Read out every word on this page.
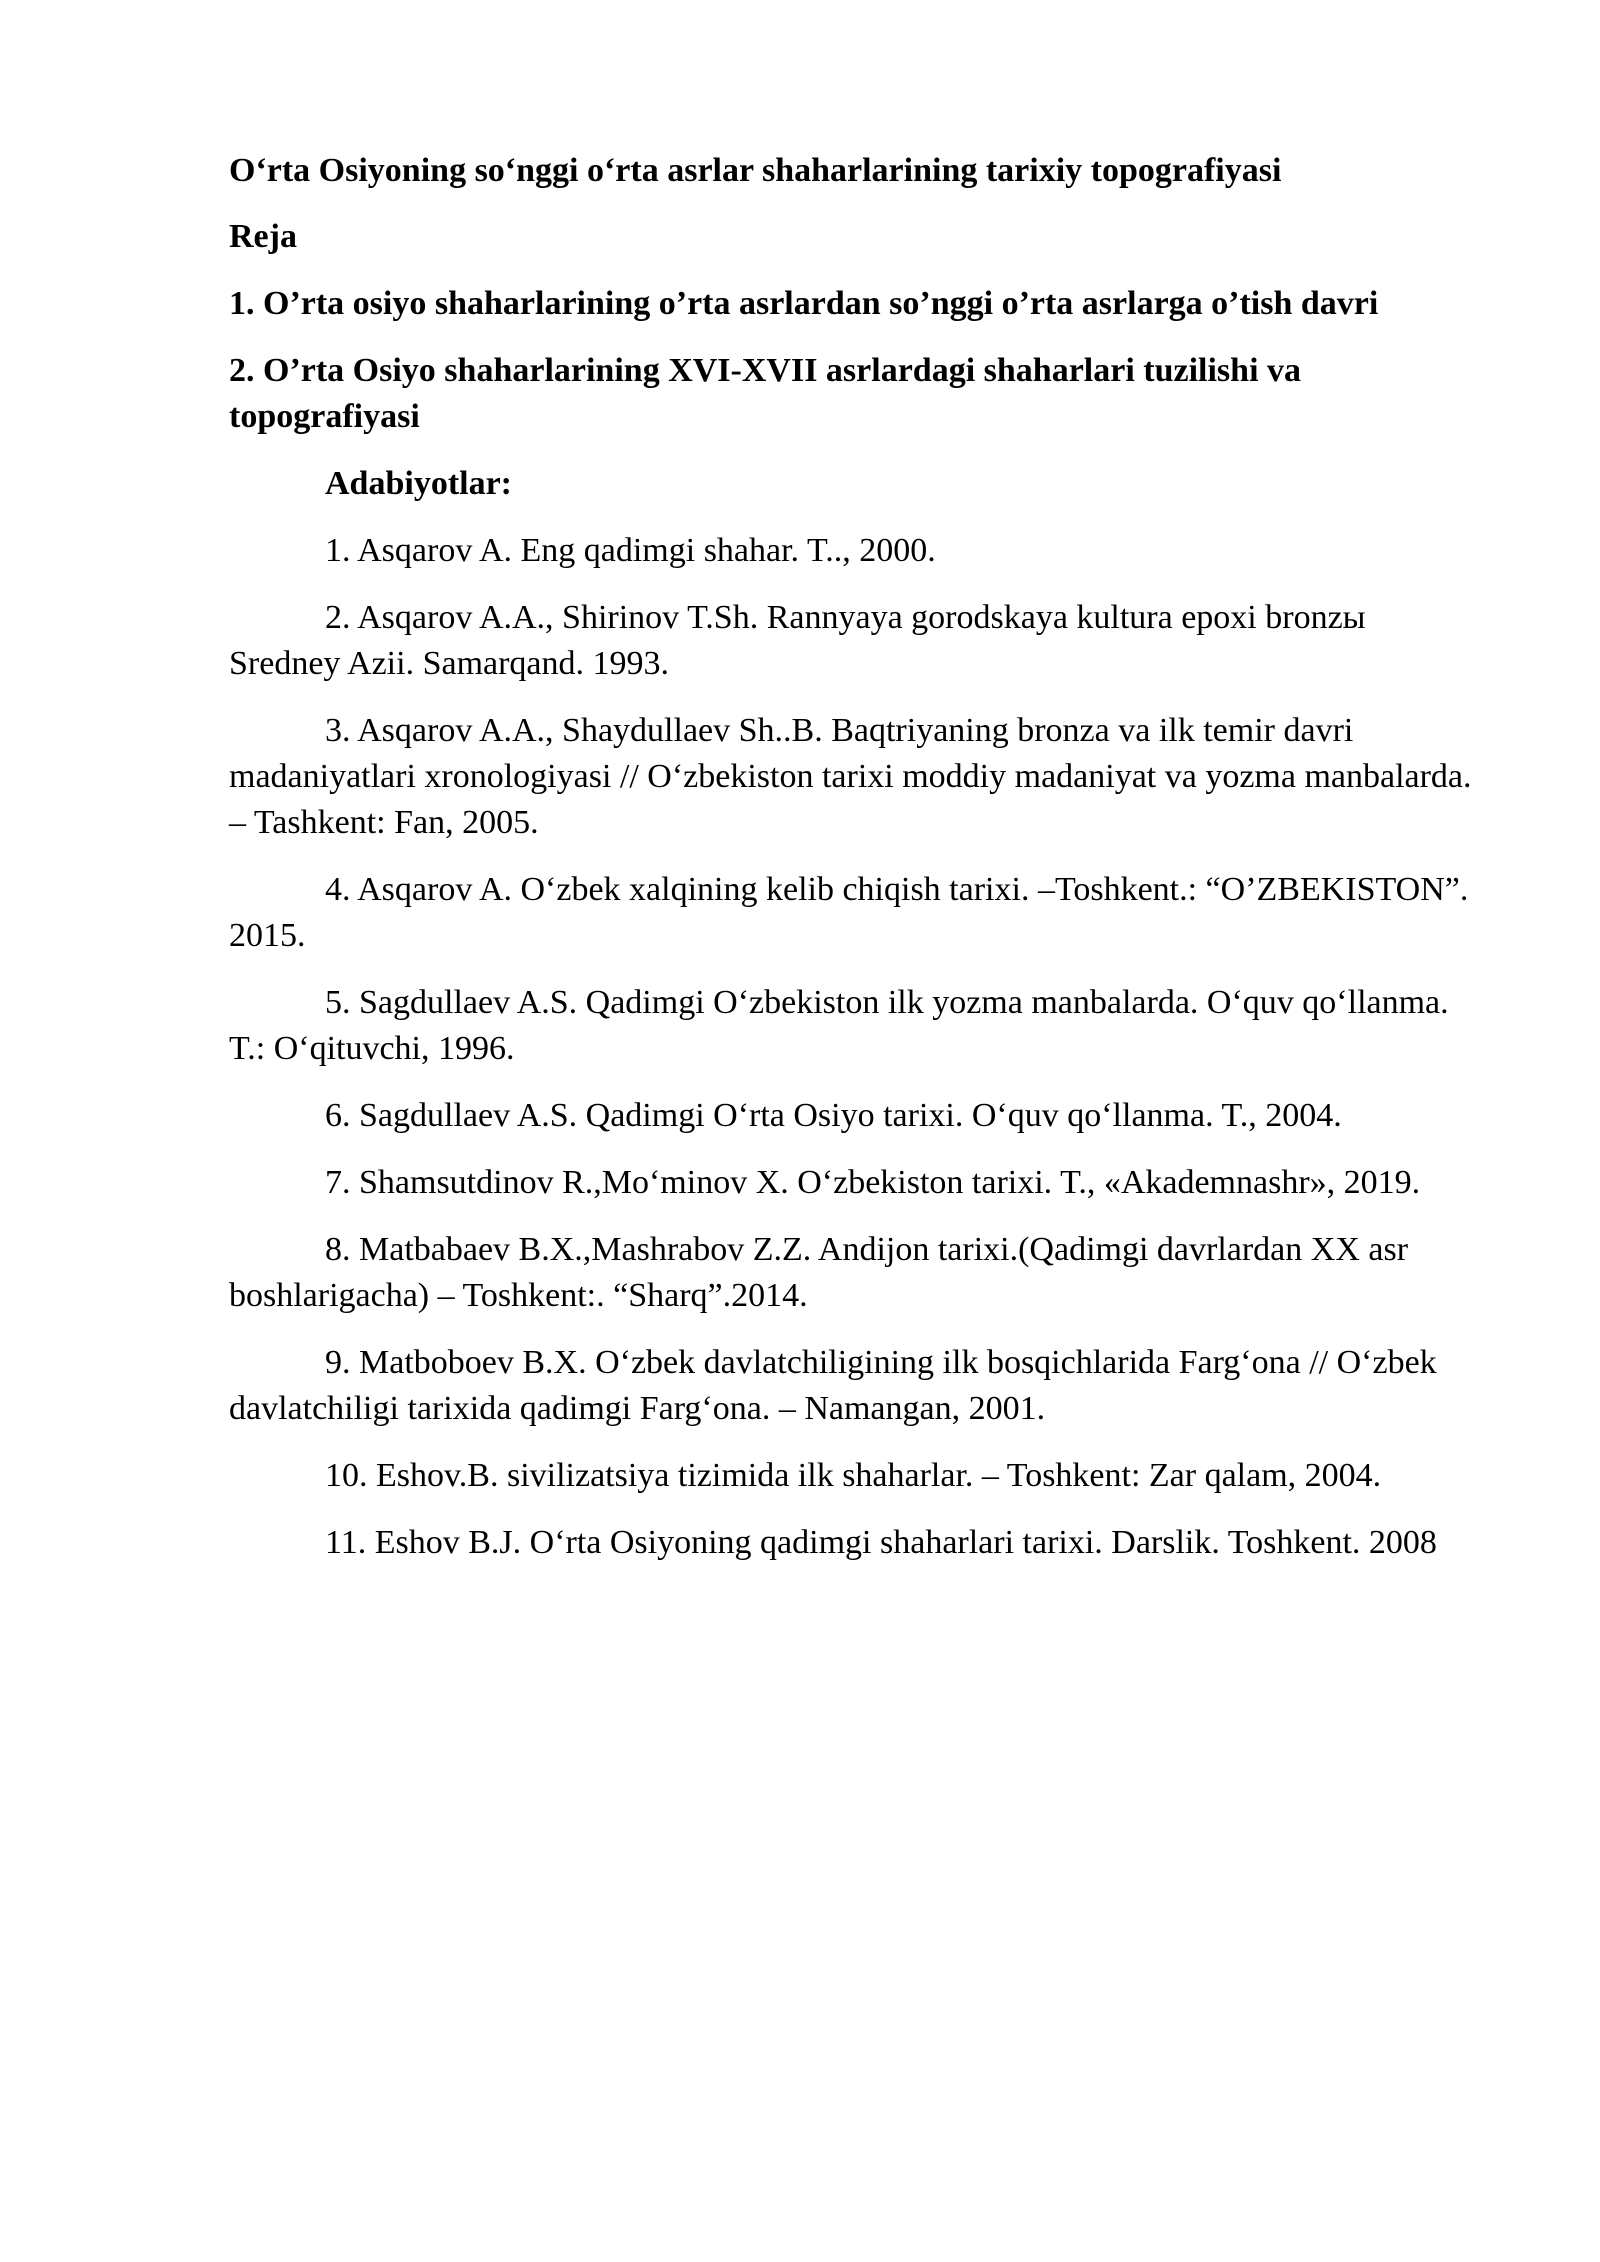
O‘rta Osiyoning so‘nggi o‘rta asrlar shaharlarining tarixiy topografiyasi

Reja

1. O’rta osiyo shaharlarining o’rta asrlardan so’nggi o’rta asrlarga o’tish davri

2. O’rta Osiyo shaharlarining XVI-XVII asrlardagi shaharlari tuzilishi va topografiyasi

Adabiyotlar:

1. Asqarov A. Eng qadimgi shahar. T.., 2000.

2. Asqarov A.A., Shirinov T.Sh. Rannyaya gorodskaya kultura epoxi bronzы Sredney Azii. Samarqand. 1993.

3. Asqarov A.A., Shaydullaev Sh..B. Baqtriyaning bronza va ilk temir davri madaniyatlari xronologiyasi // O‘zbekiston tarixi moddiy madaniyat va yozma manbalarda. – Tashkent: Fan, 2005.

4. Asqarov A. O‘zbek xalqining kelib chiqish tarixi. –Toshkent.: “O’ZBEKISTON”. 2015.

5. Sagdullaev A.S. Qadimgi O‘zbekiston ilk yozma manbalarda. O‘quv qo‘llanma. T.: O‘qituvchi, 1996.

6. Sagdullaev A.S. Qadimgi O‘rta Osiyo tarixi. O‘quv qo‘llanma. T., 2004.

7. Shamsutdinov R.,Mo‘minov X. O‘zbekiston tarixi. T., «Akademnashr», 2019.

8. Matbabaev B.X.,Mashrabov Z.Z. Andijon tarixi.(Qadimgi davrlardan XX asr boshlarigacha) – Toshkent:. “Sharq”.2014.

9. Matboboev B.X. O‘zbek davlatchiligining ilk bosqichlarida Farg‘ona // O‘zbek davlatchiligi tarixida qadimgi Farg‘ona. – Namangan, 2001.

10. Eshov.B. sivilizatsiya tizimida ilk shaharlar. – Toshkent: Zar qalam, 2004.

11. Eshov B.J. O‘rta Osiyoning qadimgi shaharlari tarixi. Darslik. Toshkent. 2008
